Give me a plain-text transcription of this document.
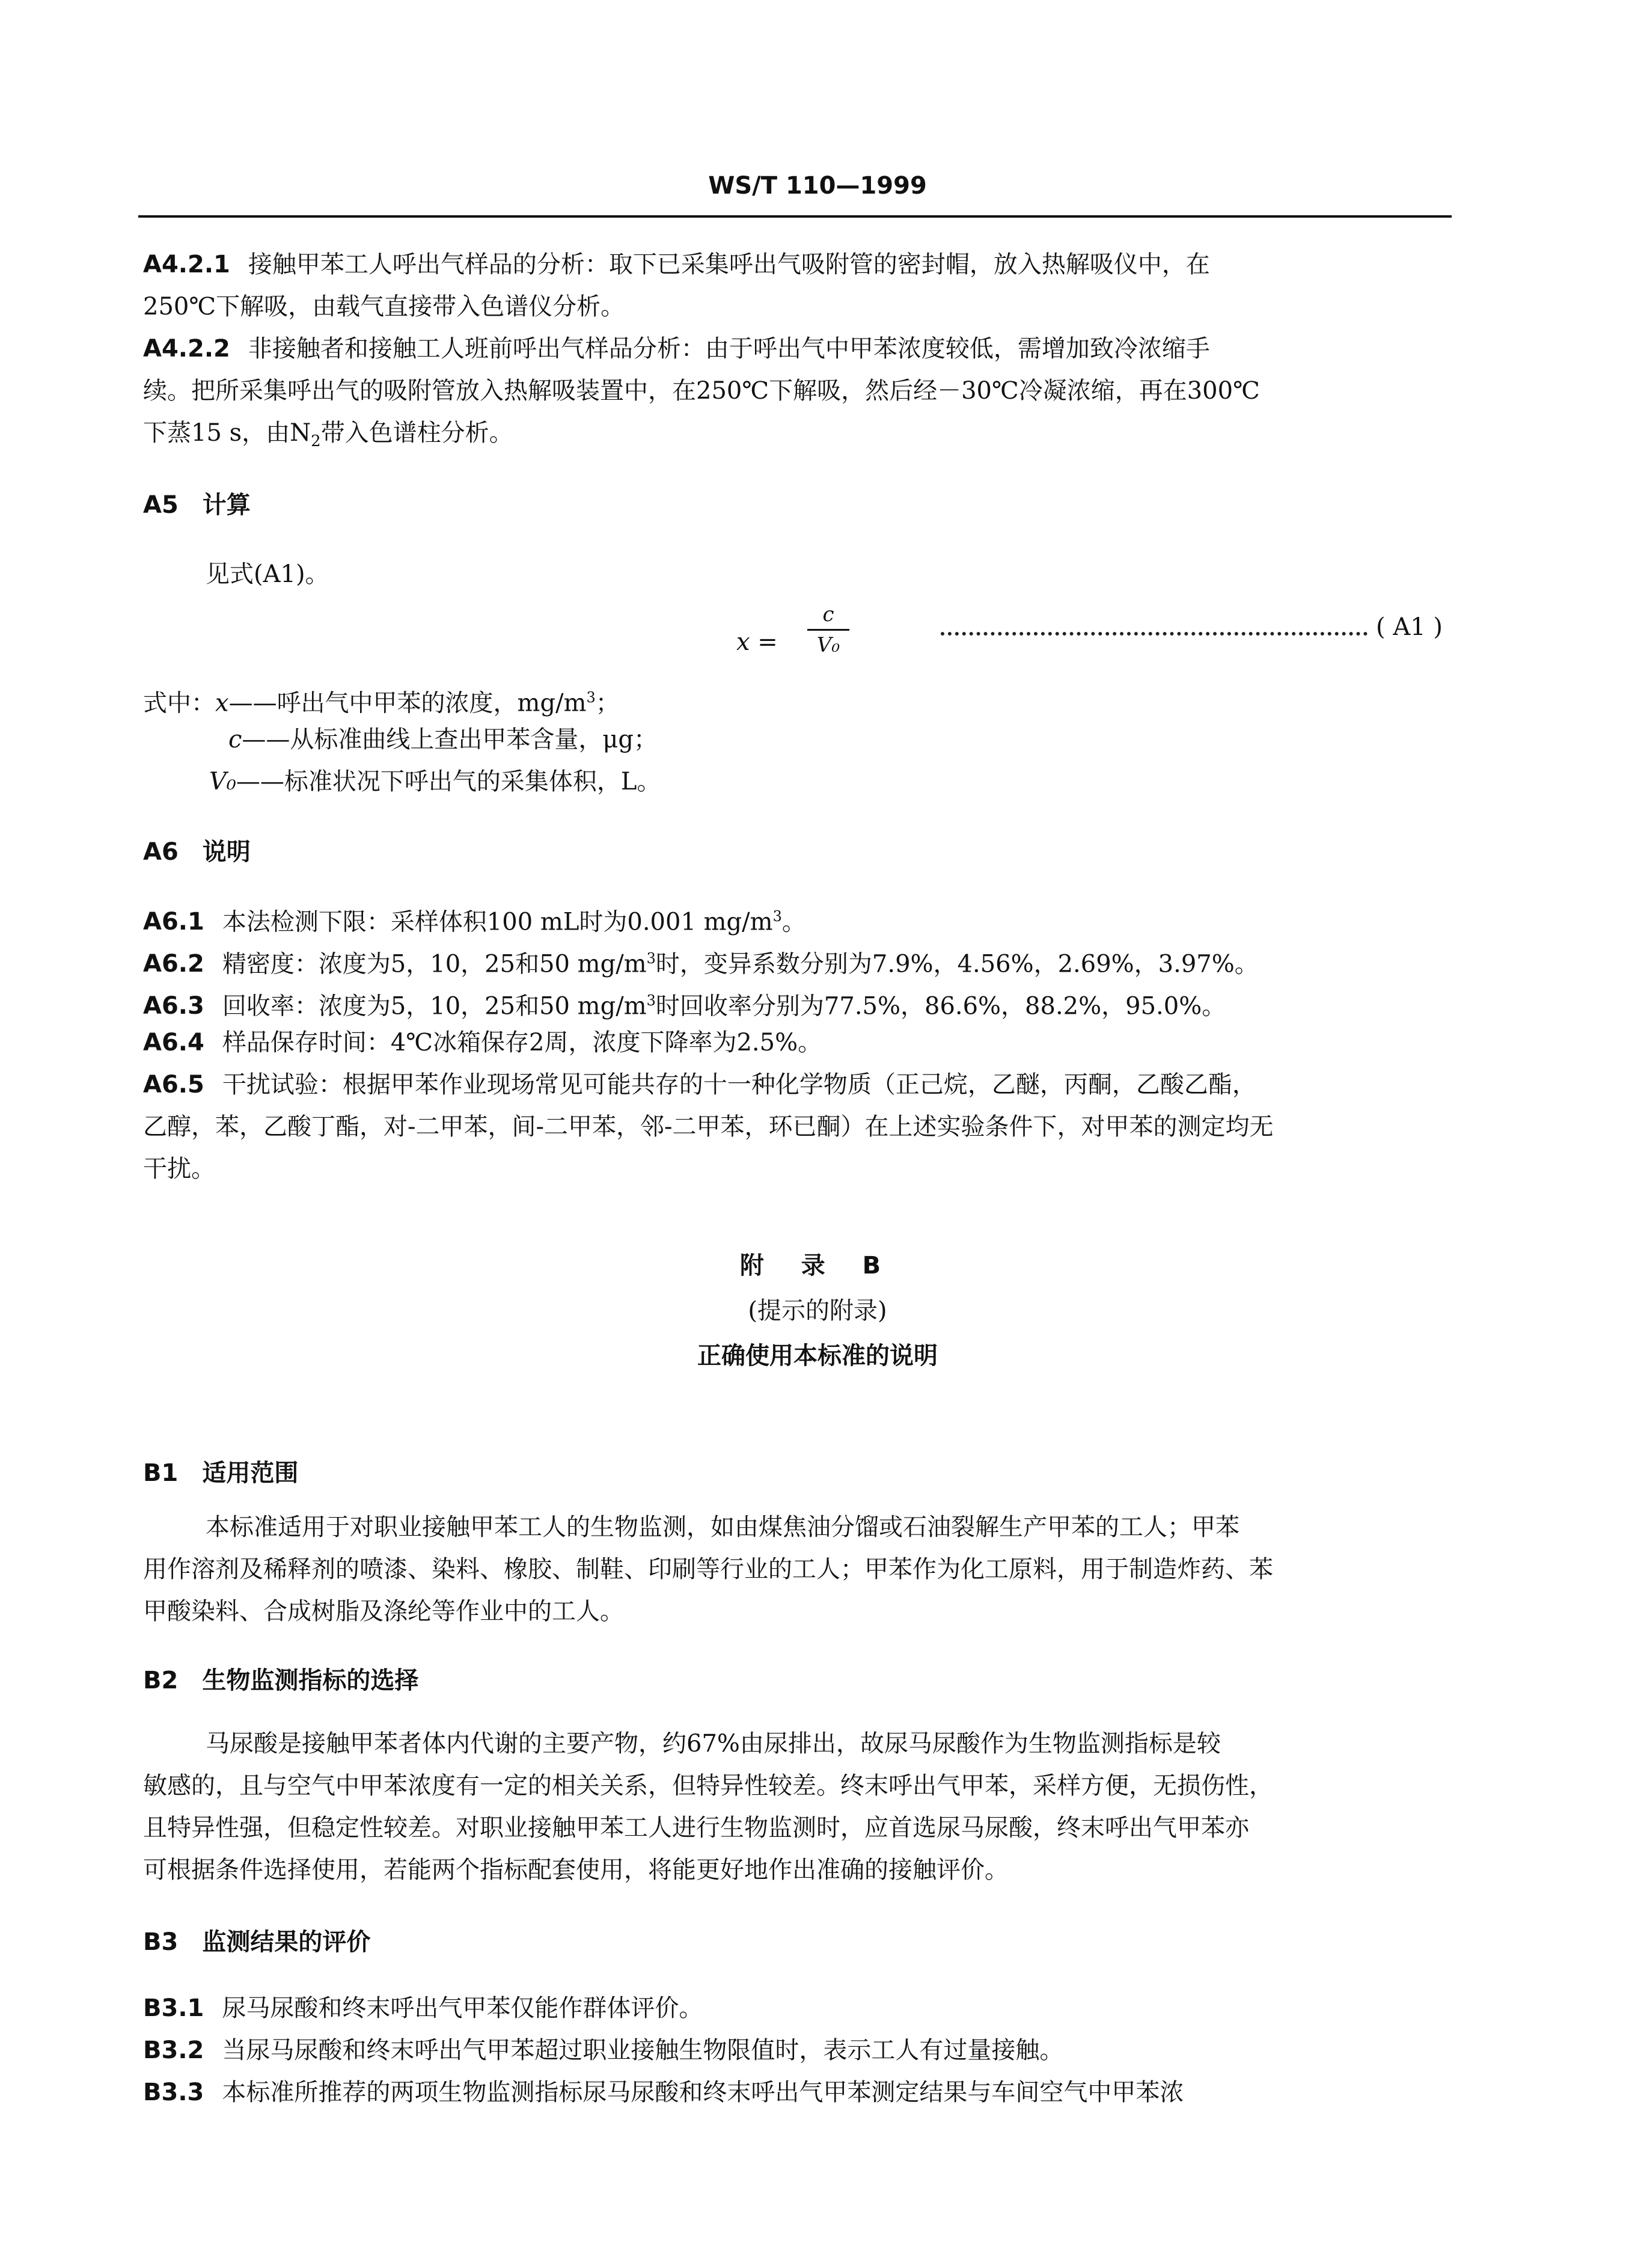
WS/T 110—1999
A4.2.1 接触甲苯工人呼出气样品的分析：取下已采集呼出气吸附管的密封帽，放入热解吸仪中，在
250℃下解吸，由载气直接带入色谱仪分析。
A4.2.2 非接触者和接触工人班前呼出气样品分析：由于呼出气中甲苯浓度较低，需增加致冷浓缩手
续。把所采集呼出气的吸附管放入热解吸装置中，在250℃下解吸，然后经－30℃冷凝浓缩，再在300℃
下蒸15 s，由$N_2$带入色谱柱分析。
A5 计算
见式(A1)。
x =
c
V₀
( A1 )
式中：x——呼出气中甲苯的浓度，$mg/m^3$；
c——从标准曲线上查出甲苯含量，μg；
V₀——标准状况下呼出气的采集体积，L。
A6 说明
A6.1 本法检测下限：采样体积100 mL时为0.001 $mg/m^3$。
A6.2 精密度：浓度为5，10，25和50 $mg/m^3$时，变异系数分别为7.9%，4.56%，2.69%，3.97%。
A6.3 回收率：浓度为5，10，25和50 $mg/m^3$时回收率分别为77.5%，86.6%，88.2%，95.0%。
A6.4 样品保存时间：4℃冰箱保存2周，浓度下降率为2.5%。
A6.5 干扰试验：根据甲苯作业现场常见可能共存的十一种化学物质（正己烷，乙醚，丙酮，乙酸乙酯，
乙醇，苯，乙酸丁酯，对-二甲苯，间-二甲苯，邻-二甲苯，环已酮）在上述实验条件下，对甲苯的测定均无
干扰。
附 录 B
(提示的附录)
正确使用本标准的说明
B1 适用范围
本标准适用于对职业接触甲苯工人的生物监测，如由煤焦油分馏或石油裂解生产甲苯的工人；甲苯
用作溶剂及稀释剂的喷漆、染料、橡胶、制鞋、印刷等行业的工人；甲苯作为化工原料，用于制造炸药、苯
甲酸染料、合成树脂及涤纶等作业中的工人。
B2 生物监测指标的选择
马尿酸是接触甲苯者体内代谢的主要产物，约67%由尿排出，故尿马尿酸作为生物监测指标是较
敏感的，且与空气中甲苯浓度有一定的相关关系，但特异性较差。终末呼出气甲苯，采样方便，无损伤性，
且特异性强，但稳定性较差。对职业接触甲苯工人进行生物监测时，应首选尿马尿酸，终末呼出气甲苯亦
可根据条件选择使用，若能两个指标配套使用，将能更好地作出准确的接触评价。
B3 监测结果的评价
B3.1 尿马尿酸和终末呼出气甲苯仅能作群体评价。
B3.2 当尿马尿酸和终末呼出气甲苯超过职业接触生物限值时，表示工人有过量接触。
B3.3 本标准所推荐的两项生物监测指标尿马尿酸和终末呼出气甲苯测定结果与车间空气中甲苯浓
